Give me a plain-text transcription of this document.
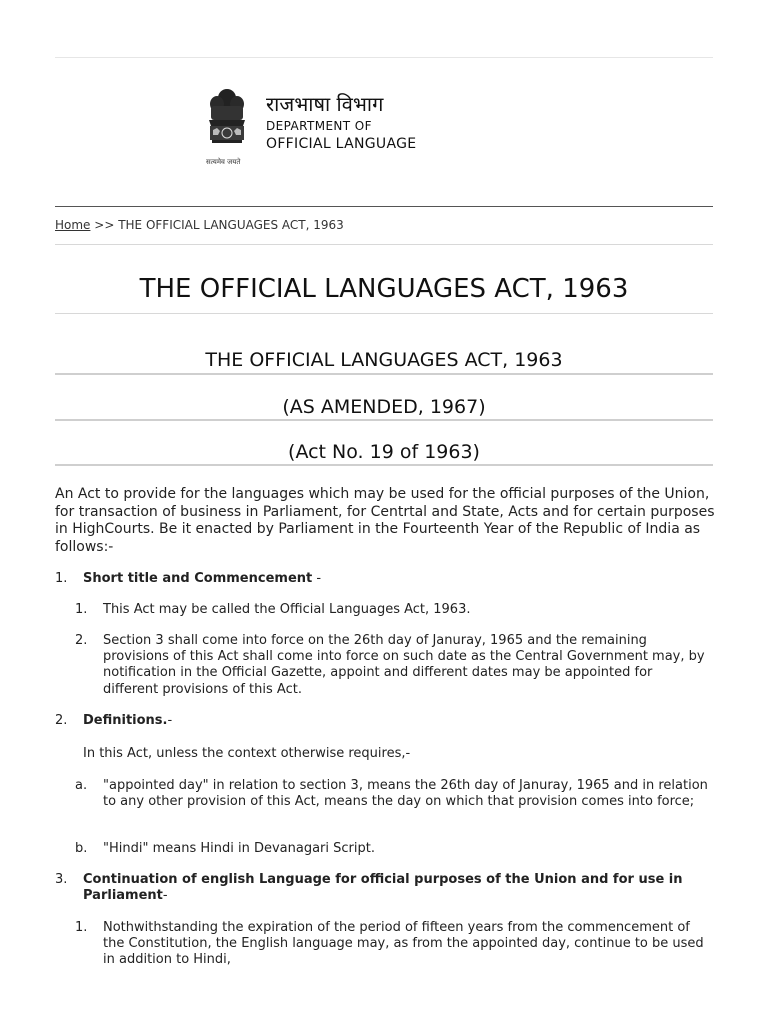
सत्यमेव जयते
राजभाषा विभाग
DEPARTMENT OF
OFFICIAL LANGUAGE
Home >> THE OFFICIAL LANGUAGES ACT, 1963
THE OFFICIAL LANGUAGES ACT, 1963
THE OFFICIAL LANGUAGES ACT, 1963
(AS AMENDED, 1967)
(Act No. 19 of 1963)
An Act to provide for the languages which may be used for the official purposes of the Union, for transaction of business in Parliament, for Centrtal and State, Acts and for certain purposes in HighCourts. Be it enacted by Parliament in the Fourteenth Year of the Republic of India as follows:-
1. Short title and Commencement -
1. This Act may be called the Official Languages Act, 1963.
2. Section 3 shall come into force on the 26th day of Januray, 1965 and the remaining provisions of this Act shall come into force on such date as the Central Government may, by notification in the Official Gazette, appoint and different dates may be appointed for different provisions of this Act.
2. Definitions.-
In this Act, unless the context otherwise requires,-
a. "appointed day" in relation to section 3, means the 26th day of Januray, 1965 and in relation to any other provision of this Act, means the day on which that provision comes into force;
b. "Hindi" means Hindi in Devanagari Script.
3. Continuation of english Language for official purposes of the Union and for use in Parliament-
1. Nothwithstanding the expiration of the period of fifteen years from the commencement of the Constitution, the English language may, as from the appointed day, continue to be used in addition to Hindi,
